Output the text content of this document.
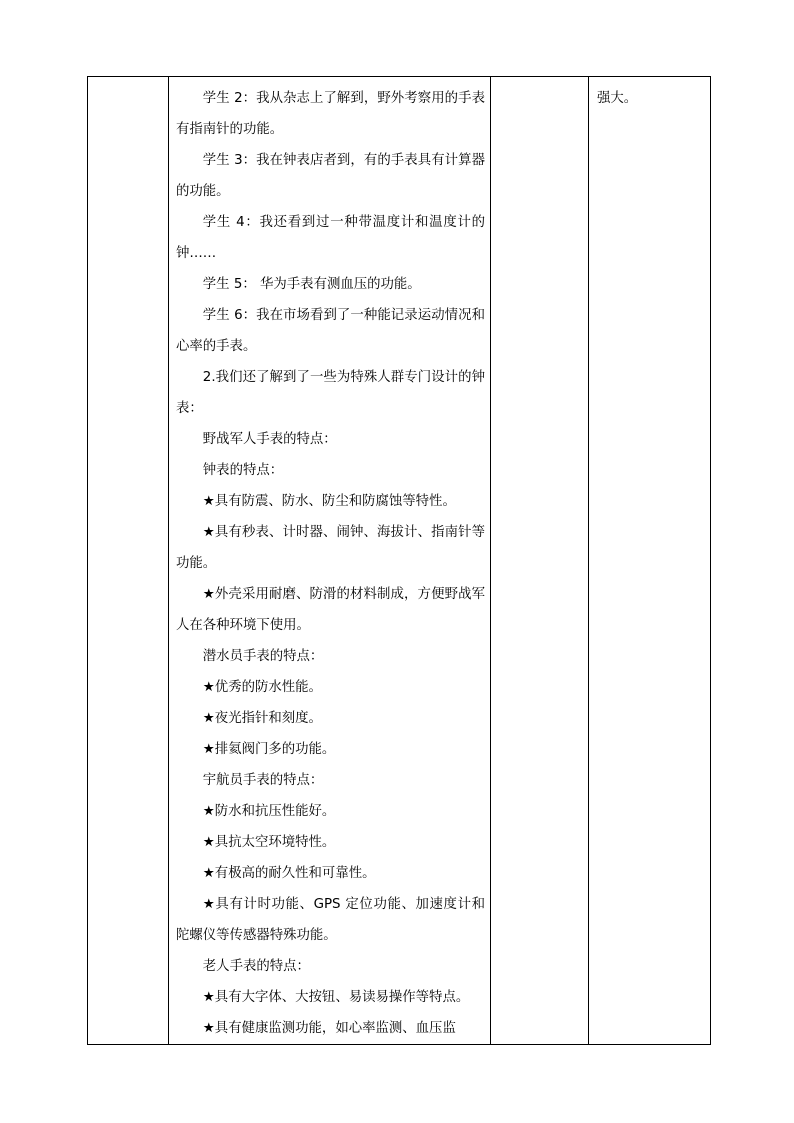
学生 2：我从杂志上了解到，野外考察用的手表有指南针的功能。

学生 3：我在钟表店者到，有的手表具有计算器的功能。

学生 4：我还看到过一种带温度计和温度计的钟……

学生 5： 华为手表有测血压的功能。

学生 6：我在市场看到了一种能记录运动情况和心率的手表。

2.我们还了解到了一些为特殊人群专门设计的钟表：

野战军人手表的特点：

钟表的特点：

★具有防震、防水、防尘和防腐蚀等特性。

★具有秒表、计时器、闹钟、海拔计、指南针等功能。

★外壳采用耐磨、防滑的材料制成，方便野战军人在各种环境下使用。

潜水员手表的特点：

★优秀的防水性能。

★夜光指针和刻度。

★排氦阀门多的功能。

宇航员手表的特点：

★防水和抗压性能好。

★具抗太空环境特性。

★有极高的耐久性和可靠性。

★具有计时功能、GPS 定位功能、加速度计和陀螺仪等传感器特殊功能。

老人手表的特点：

★具有大字体、大按钮、易读易操作等特点。

★具有健康监测功能，如心率监测、血压监

强大。
